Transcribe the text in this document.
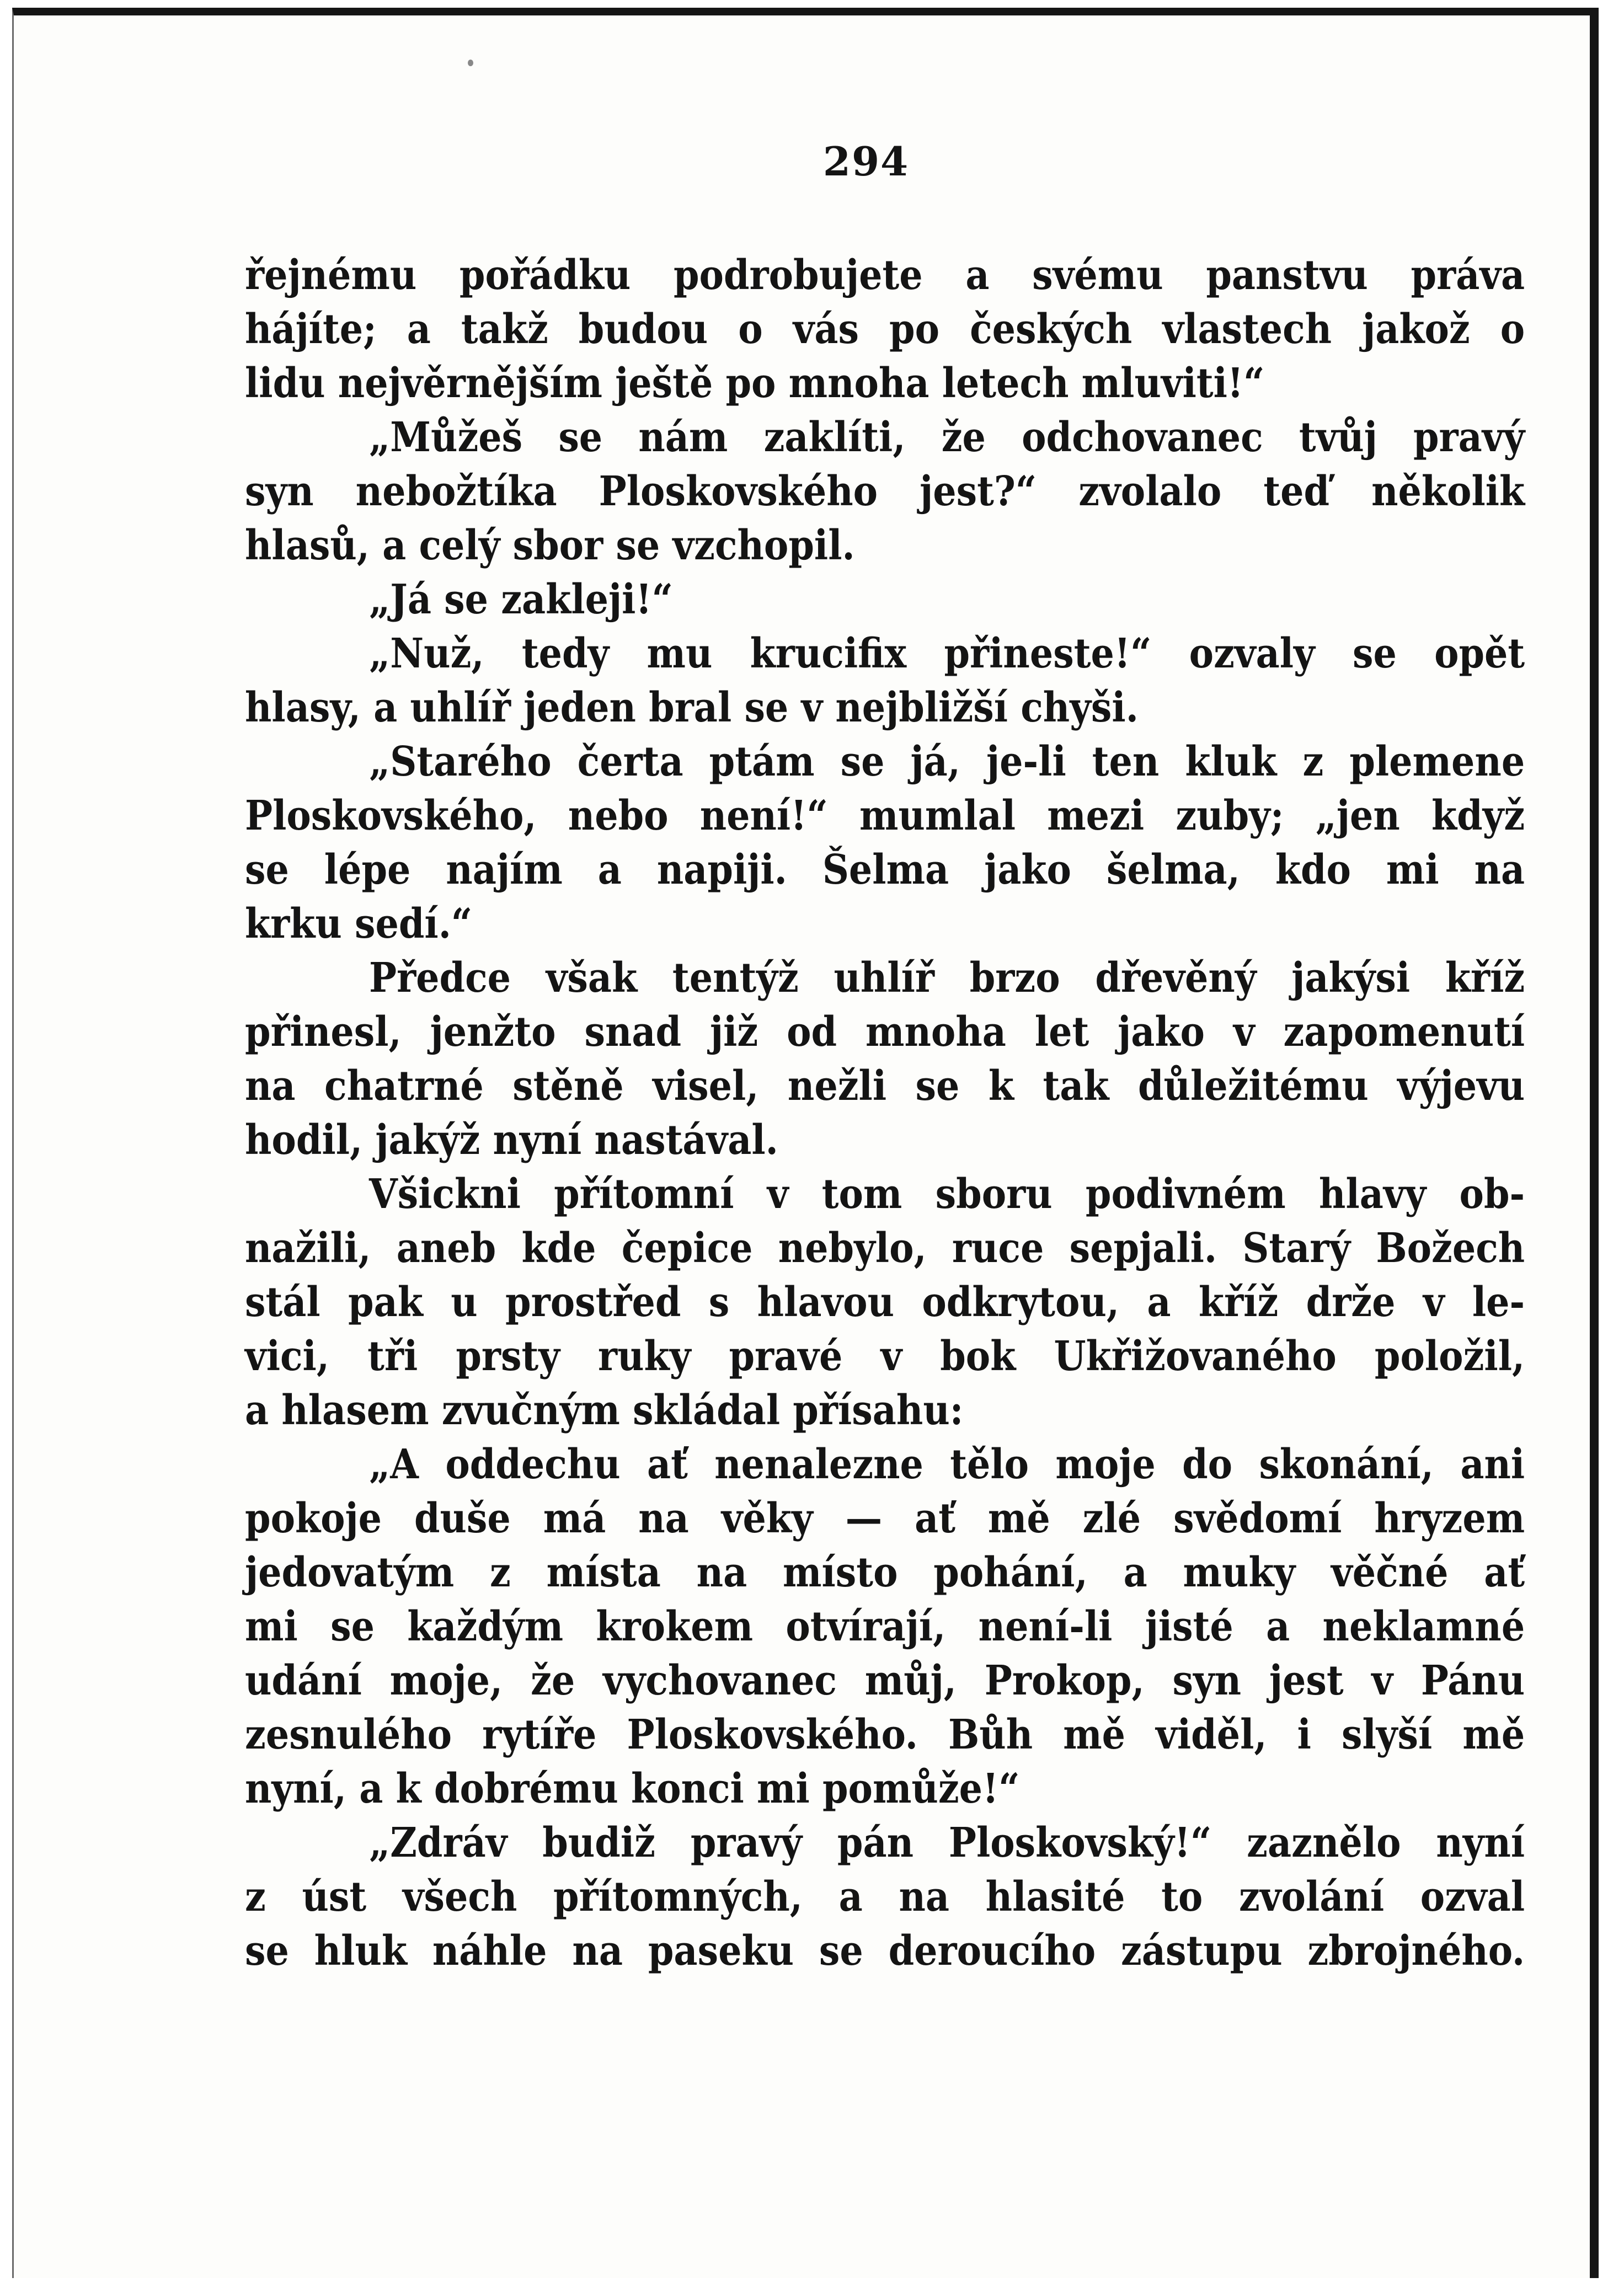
294
řejnému pořádku podrobujete a svému panstvu práva
hájíte; a takž budou o vás po českých vlastech jakož o
lidu nejvěrnějším ještě po mnoha letech mluviti!“
„Můžeš se nám zaklíti, že odchovanec tvůj pravý
syn nebožtíka Ploskovského jest?“ zvolalo teď několik
hlasů, a celý sbor se vzchopil.
„Já se zakleji!“
„Nuž, tedy mu krucifix přineste!“ ozvaly se opět
hlasy, a uhlíř jeden bral se v nejbližší chyši.
„Starého čerta ptám se já, je-li ten kluk z plemene
Ploskovského, nebo není!“ mumlal mezi zuby; „jen když
se lépe najím a napiji. Šelma jako šelma, kdo mi na
krku sedí.“
Předce však tentýž uhlíř brzo dřevěný jakýsi kříž
přinesl, jenžto snad již od mnoha let jako v zapomenutí
na chatrné stěně visel, nežli se k tak důležitému výjevu
hodil, jakýž nyní nastával.
Všickni přítomní v tom sboru podivném hlavy ob-
nažili, aneb kde čepice nebylo, ruce sepjali. Starý Božech
stál pak u prostřed s hlavou odkrytou, a kříž drže v le-
vici, tři prsty ruky pravé v bok Ukřižovaného položil,
a hlasem zvučným skládal přísahu:
„A oddechu ať nenalezne tělo moje do skonání, ani
pokoje duše má na věky — ať mě zlé svědomí hryzem
jedovatým z místa na místo pohání, a muky věčné ať
mi se každým krokem otvírají, není-li jisté a neklamné
udání moje, že vychovanec můj, Prokop, syn jest v Pánu
zesnulého rytíře Ploskovského. Bůh mě viděl, i slyší mě
nyní, a k dobrému konci mi pomůže!“
„Zdráv budiž pravý pán Ploskovský!“ zaznělo nyní
z úst všech přítomných, a na hlasité to zvolání ozval
se hluk náhle na paseku se deroucího zástupu zbrojného.
